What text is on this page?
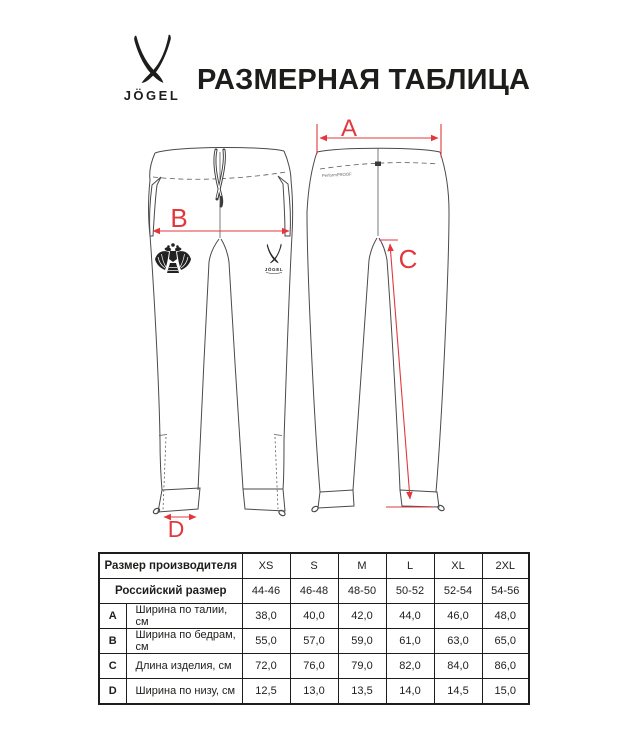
JÖGEL РАЗМЕРНАЯ ТАБЛИЦА
JÖGEL
PerformPROOF
A
B
C
D
Размер производителя		XS	S	M	L	XL	2XL
Российский размер		44-46	46-48	48-50	50-52	52-54	54-56
A	Ширина по талии, см	38,0	40,0	42,0	44,0	46,0	48,0
B	Ширина по бедрам, см	55,0	57,0	59,0	61,0	63,0	65,0
C	Длина изделия, см	72,0	76,0	79,0	82,0	84,0	86,0
D	Ширина по низу, см	12,5	13,0	13,5	14,0	14,5	15,0
